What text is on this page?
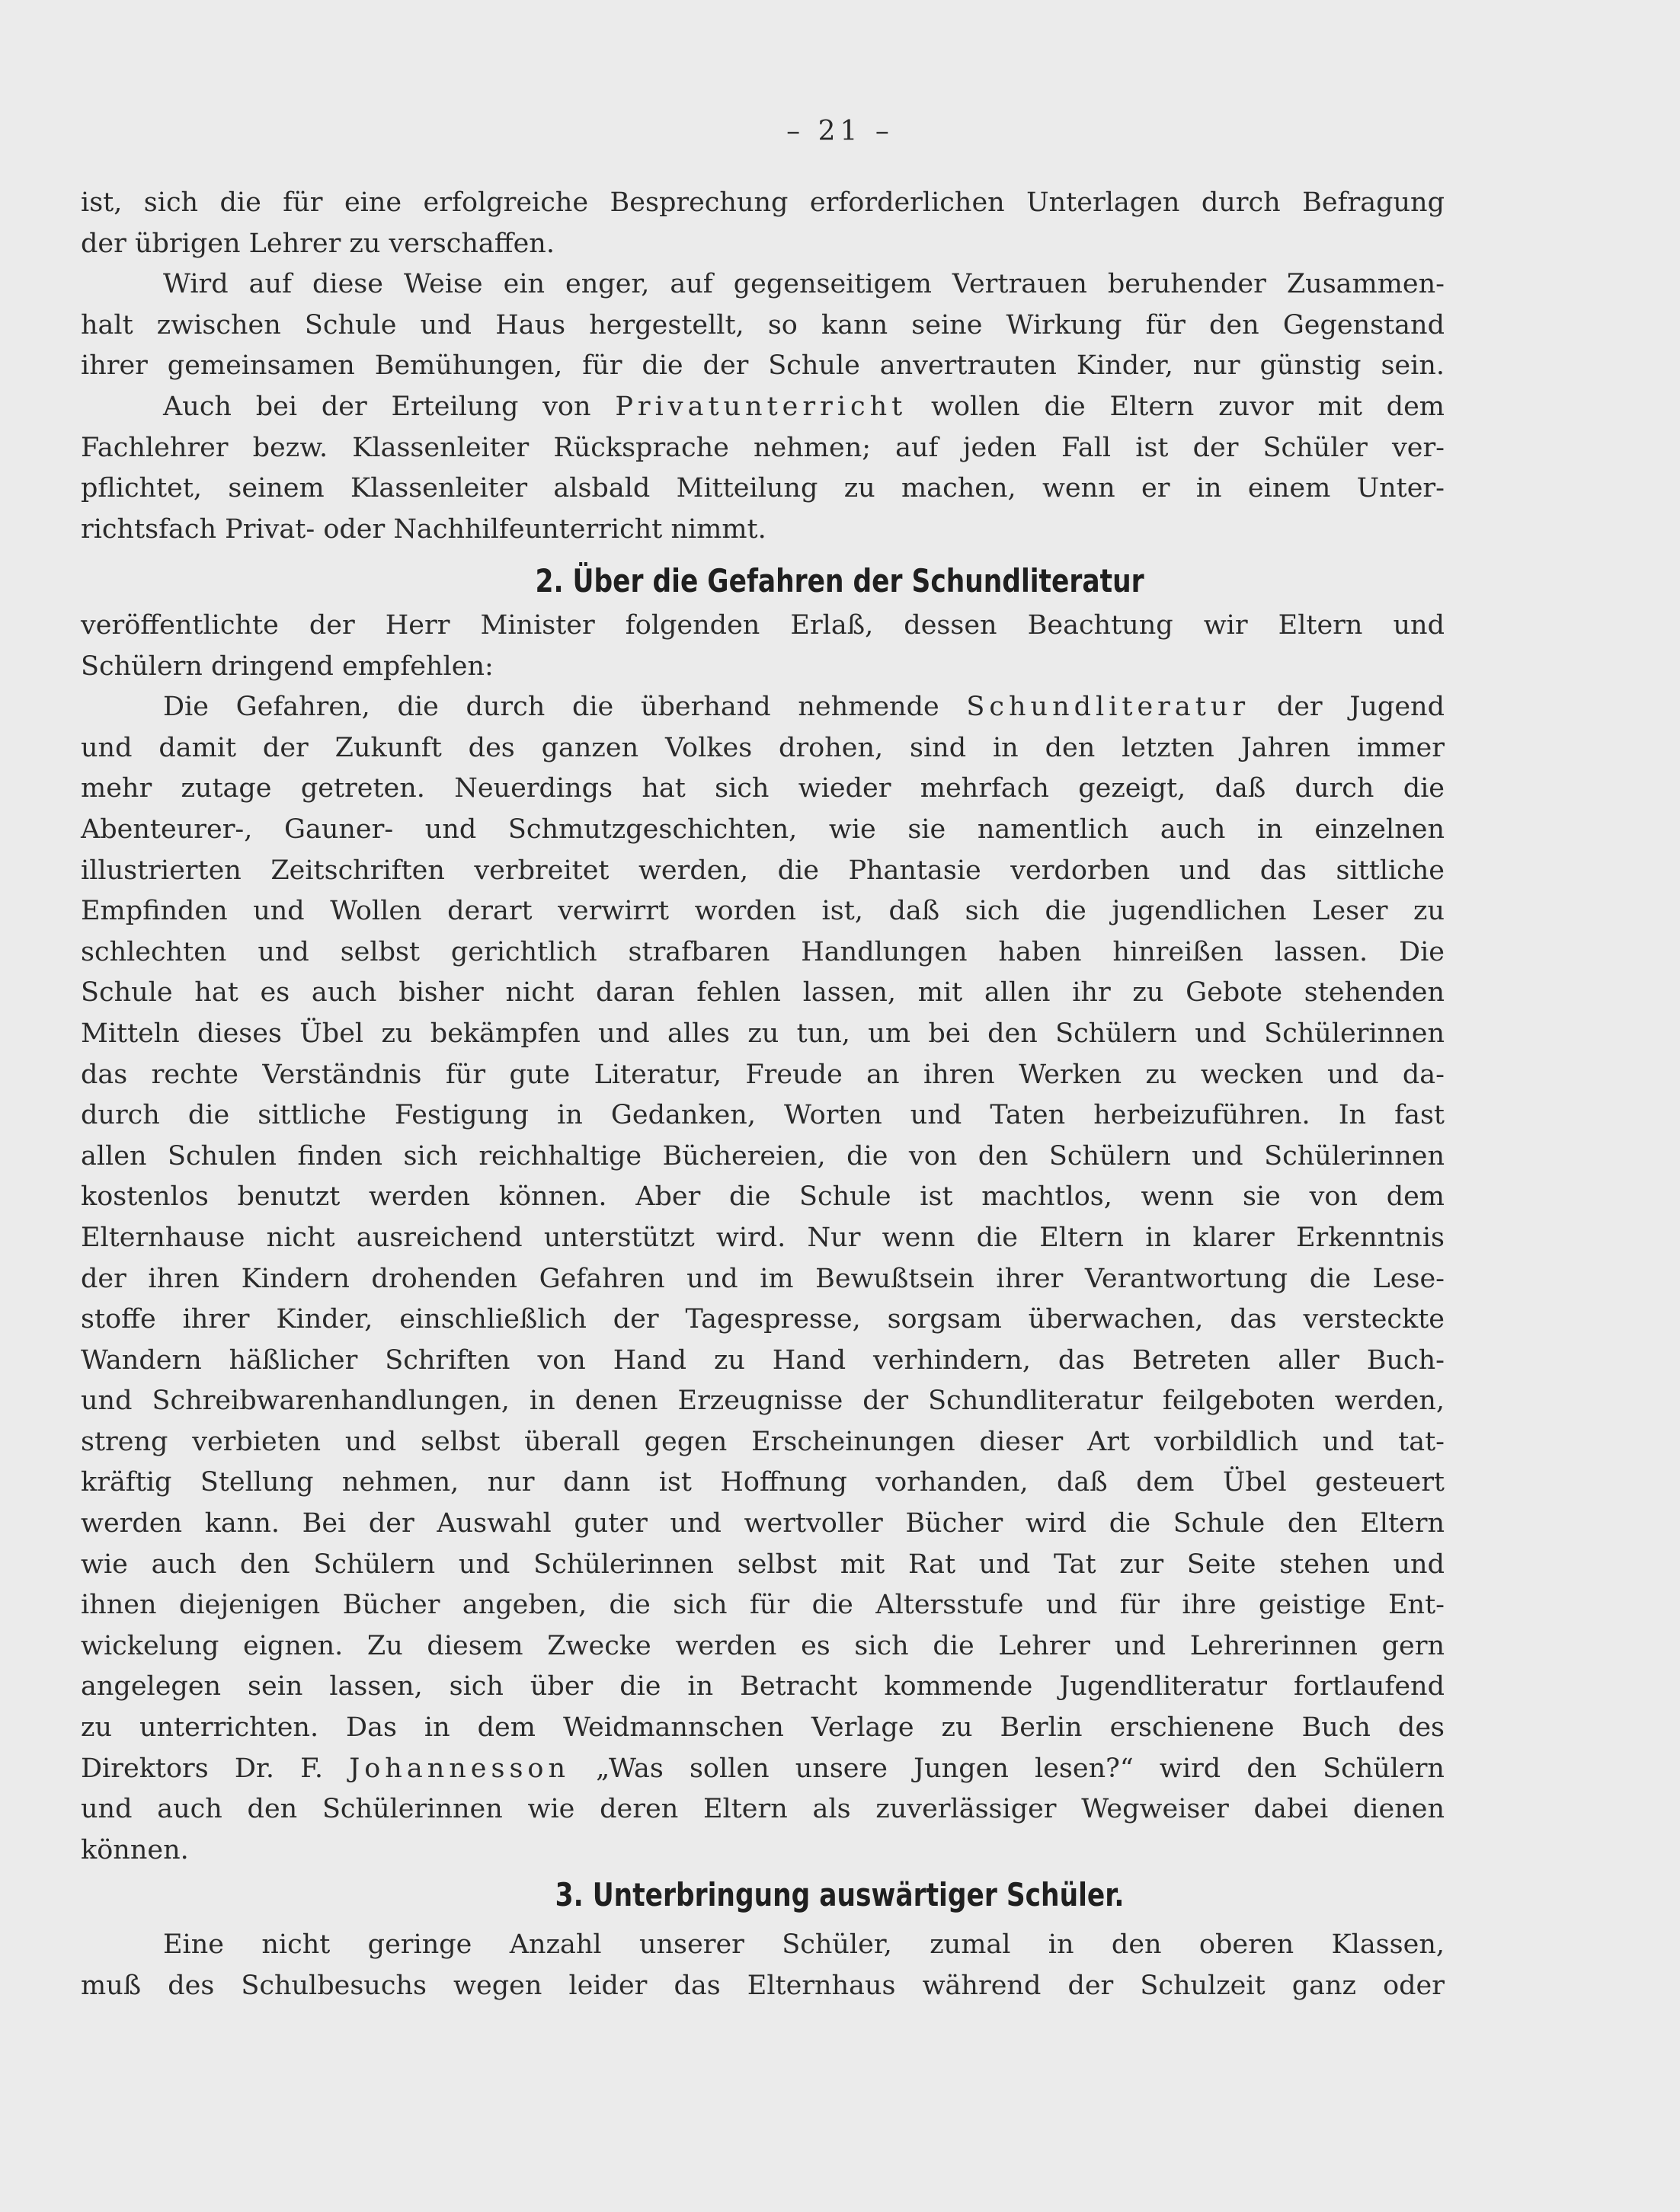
– 21 –
ist, sich die für eine erfolgreiche Besprechung erforderlichen Unterlagen durch Befragung
der übrigen Lehrer zu verschaffen.
Wird auf diese Weise ein enger, auf gegenseitigem Vertrauen beruhender Zusammen-
halt zwischen Schule und Haus hergestellt, so kann seine Wirkung für den Gegenstand
ihrer gemeinsamen Bemühungen, für die der Schule anvertrauten Kinder, nur günstig sein.
Auch bei der Erteilung von Privatunterricht wollen die Eltern zuvor mit dem
Fachlehrer bezw. Klassenleiter Rücksprache nehmen; auf jeden Fall ist der Schüler ver-
pflichtet, seinem Klassenleiter alsbald Mitteilung zu machen, wenn er in einem Unter-
richtsfach Privat- oder Nachhilfeunterricht nimmt.
2. Über die Gefahren der Schundliteratur
veröffentlichte der Herr Minister folgenden Erlaß, dessen Beachtung wir Eltern und
Schülern dringend empfehlen:
Die Gefahren, die durch die überhand nehmende Schundliteratur der Jugend
und damit der Zukunft des ganzen Volkes drohen, sind in den letzten Jahren immer
mehr zutage getreten. Neuerdings hat sich wieder mehrfach gezeigt, daß durch die
Abenteurer-, Gauner- und Schmutzgeschichten, wie sie namentlich auch in einzelnen
illustrierten Zeitschriften verbreitet werden, die Phantasie verdorben und das sittliche
Empfinden und Wollen derart verwirrt worden ist, daß sich die jugendlichen Leser zu
schlechten und selbst gerichtlich strafbaren Handlungen haben hinreißen lassen. Die
Schule hat es auch bisher nicht daran fehlen lassen, mit allen ihr zu Gebote stehenden
Mitteln dieses Übel zu bekämpfen und alles zu tun, um bei den Schülern und Schülerinnen
das rechte Verständnis für gute Literatur, Freude an ihren Werken zu wecken und da-
durch die sittliche Festigung in Gedanken, Worten und Taten herbeizuführen. In fast
allen Schulen finden sich reichhaltige Büchereien, die von den Schülern und Schülerinnen
kostenlos benutzt werden können. Aber die Schule ist machtlos, wenn sie von dem
Elternhause nicht ausreichend unterstützt wird. Nur wenn die Eltern in klarer Erkenntnis
der ihren Kindern drohenden Gefahren und im Bewußtsein ihrer Verantwortung die Lese-
stoffe ihrer Kinder, einschließlich der Tagespresse, sorgsam überwachen, das versteckte
Wandern häßlicher Schriften von Hand zu Hand verhindern, das Betreten aller Buch-
und Schreibwarenhandlungen, in denen Erzeugnisse der Schundliteratur feilgeboten werden,
streng verbieten und selbst überall gegen Erscheinungen dieser Art vorbildlich und tat-
kräftig Stellung nehmen, nur dann ist Hoffnung vorhanden, daß dem Übel gesteuert
werden kann. Bei der Auswahl guter und wertvoller Bücher wird die Schule den Eltern
wie auch den Schülern und Schülerinnen selbst mit Rat und Tat zur Seite stehen und
ihnen diejenigen Bücher angeben, die sich für die Altersstufe und für ihre geistige Ent-
wickelung eignen. Zu diesem Zwecke werden es sich die Lehrer und Lehrerinnen gern
angelegen sein lassen, sich über die in Betracht kommende Jugendliteratur fortlaufend
zu unterrichten. Das in dem Weidmannschen Verlage zu Berlin erschienene Buch des
Direktors Dr. F. Johannesson „Was sollen unsere Jungen lesen?“ wird den Schülern
und auch den Schülerinnen wie deren Eltern als zuverlässiger Wegweiser dabei dienen
können.
3. Unterbringung auswärtiger Schüler.
Eine nicht geringe Anzahl unserer Schüler, zumal in den oberen Klassen,
muß des Schulbesuchs wegen leider das Elternhaus während der Schulzeit ganz oder
